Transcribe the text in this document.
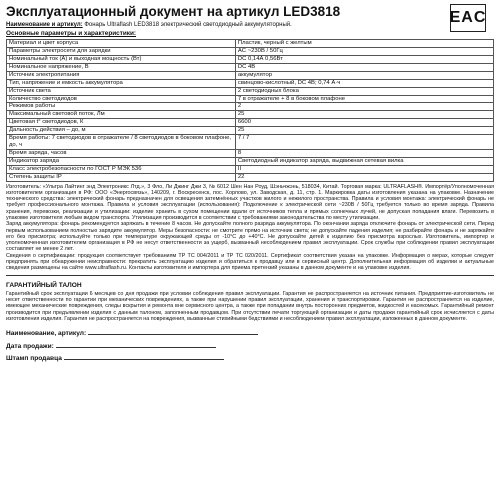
Эксплуатационный документ на артикул LED3818	EAC
Наименование и артикул: Фонарь Ultraflash LED3818 электрический светодиодный аккумуляторный.
Основные параметры и характеристики:
Материал и цвет корпуса	Пластик, черный с желтым
Параметры электросети для зарядки	AC ~230В / 50Гц
Номинальный ток (А) и выходная мощность (Вт)	DC 0,14А 0,56Вт
Номинальное напряжение, В	DC 4В
Источник электропитания	аккумулятор
Тип, напряжение и емкость аккумулятора	свинцово-кислотный, DC 4В; 0,74 А·ч
Источник света	2 светодиодных блока
Количество светодиодов	7 в отражателе + 8 в боковом плафоне
Режимов работы	2
Максимальный световой поток, Лм	25
Цветовая t° светодиодов, К	6600
Дальность действия – до, м	25
Время работы: 7 светодиодов в отражателе / 8 светодиодов в боковом плафоне, до, ч	7 / 7
Время заряда, часов	8
Индикатор заряда	Светодиодный индикатор заряда, выдвижная сетевая вилка
Класс электробезопасности по ГОСТ Р МЭК 536	II
Степень защиты IP	22

Изготовитель: «Ультра Лайтинг энд Электроникс Лтд.», 3 Фло, Ли Джинг Джи 3, № 6012 Шен Нан Роуд, Шэньчжэнь, 518034, Китай. Торговая марка: ULTRAFLASH®. Импортёр/Уполномоченная изготовителем организация в РФ: ООО «Энергосвязь», 140209, г. Воскресенск, пос. Хорлово, ул. Заводская, д. 11, стр. 1. Маркировка даты изготовления указана на упаковке. Назначение технического средства: электрический фонарь предназначен для освещения затемнённых участков жилого и нежилого пространства. Правила и условия монтажа: электрический фонарь не требует профессионального монтажа. Правила и условия эксплуатации (использования): Подключение к электрической сети ~230В / 50Гц требуется только во время заряда. Правила хранения, перевозки, реализации и утилизации: изделие хранить в сухом помещении вдали от источников тепла и прямых солнечных лучей, не допуская попадания влаги. Перевозить в упаковке изготовителя любым видом транспорта. Утилизация производится в соответствии с требованиями законодательства по месту утилизации.

Заряд аккумулятора: фонарь рекомендуется заряжать в течение 8 часов. Не допускайте полного разряда аккумулятора. По окончании заряда отключите фонарь от электрической сети. Перед первым использованием полностью зарядите аккумулятор. Меры безопасности: не смотрите прямо на источник света; не допускайте падения изделия; не разбирайте фонарь и не заряжайте его без присмотра; используйте только при температуре окружающей среды от -10°C до +40°C. Не допускайте детей к изделию без присмотра взрослых. Изготовитель, импортер и уполномоченная изготовителем организация в РФ не несут ответственности за ущерб, вызванный несоблюдением правил эксплуатации. Срок службы при соблюдении правил эксплуатации составляет не менее 2 лет.

Сведения о сертификации: продукция соответствует требованиям ТР ТС 004/2011 и ТР ТС 020/2011. Сертификат соответствия указан на упаковке. Информация о мерах, которые следует предпринять при обнаружении неисправности: прекратить эксплуатацию изделия и обратиться к продавцу или в сервисный центр. Дополнительная информация об изделии и актуальные сведения размещены на сайте www.ultraflash.ru. Контакты изготовителя и импортера для приема претензий указаны в данном документе и на упаковке изделия.

ГАРАНТИЙНЫЙ ТАЛОН
Гарантийный срок эксплуатации 6 месяцев со дня продажи при условии соблюдения правил эксплуатации. Гарантия не распространяется на источник питания. Предприятие-изготовитель не несет ответственности по гарантии при механических повреждениях, а также при нарушении правил эксплуатации, хранения и транспортировки. Гарантия не распространяется на изделие, имеющее механические повреждения, следы вскрытия и ремонта вне сервисного центра, а также при попадании внутрь посторонних предметов, жидкостей и насекомых. Гарантийный ремонт производится при предъявлении изделия с данным талоном, заполненным продавцом. При отсутствии печати торгующей организации и даты продажи гарантийный срок исчисляется с даты изготовления изделия. Гарантия не распространяется на повреждения, вызванные стихийными бедствиями и несоблюдением правил эксплуатации, изложенных в данном документе.
Наименование, артикул:
Дата продажи:
Штамп продавца
